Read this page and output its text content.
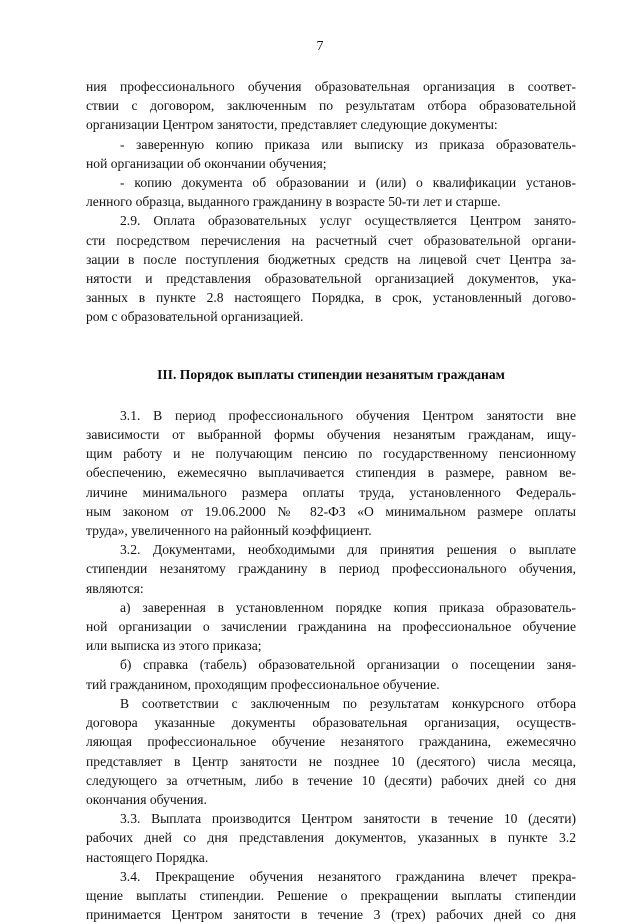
7
ния профессионального обучения образовательная организация в соответ-
ствии с договором, заключенным по результатам отбора образовательной
организации Центром занятости, представляет следующие документы:
- заверенную копию приказа или выписку из приказа образователь-
ной организации об окончании обучения;
- копию документа об образовании и (или) о квалификации установ-
ленного образца, выданного гражданину в возрасте 50-ти лет и старше.
2.9. Оплата образовательных услуг осуществляется Центром занято-
сти посредством перечисления на расчетный счет образовательной органи-
зации в после поступления бюджетных средств на лицевой счет Центра за-
нятости и представления образовательной организацией документов, ука-
занных в пункте 2.8 настоящего Порядка, в срок, установленный догово-
ром с образовательной организацией.
III. Порядок выплаты стипендии незанятым гражданам
3.1. В период профессионального обучения Центром занятости вне
зависимости от выбранной формы обучения незанятым гражданам, ищу-
щим работу и не получающим пенсию по государственному пенсионному
обеспечению, ежемесячно выплачивается стипендия в размере, равном ве-
личине минимального размера оплаты труда, установленного Федераль-
ным законом от 19.06.2000 № 82-ФЗ «О минимальном размере оплаты
труда», увеличенного на районный коэффициент.
3.2. Документами, необходимыми для принятия решения о выплате
стипендии незанятому гражданину в период профессионального обучения,
являются:
а) заверенная в установленном порядке копия приказа образователь-
ной организации о зачислении гражданина на профессиональное обучение
или выписка из этого приказа;
б) справка (табель) образовательной организации о посещении заня-
тий гражданином, проходящим профессиональное обучение.
В соответствии с заключенным по результатам конкурсного отбора
договора указанные документы образовательная организация, осуществ-
ляющая профессиональное обучение незанятого гражданина, ежемесячно
представляет в Центр занятости не позднее 10 (десятого) числа месяца,
следующего за отчетным, либо в течение 10 (десяти) рабочих дней со дня
окончания обучения.
3.3. Выплата производится Центром занятости в течение 10 (десяти)
рабочих дней со дня представления документов, указанных в пункте 3.2
настоящего Порядка.
3.4. Прекращение обучения незанятого гражданина влечет прекра-
щение выплаты стипендии. Решение о прекращении выплаты стипендии
принимается Центром занятости в течение 3 (трех) рабочих дней со дня
